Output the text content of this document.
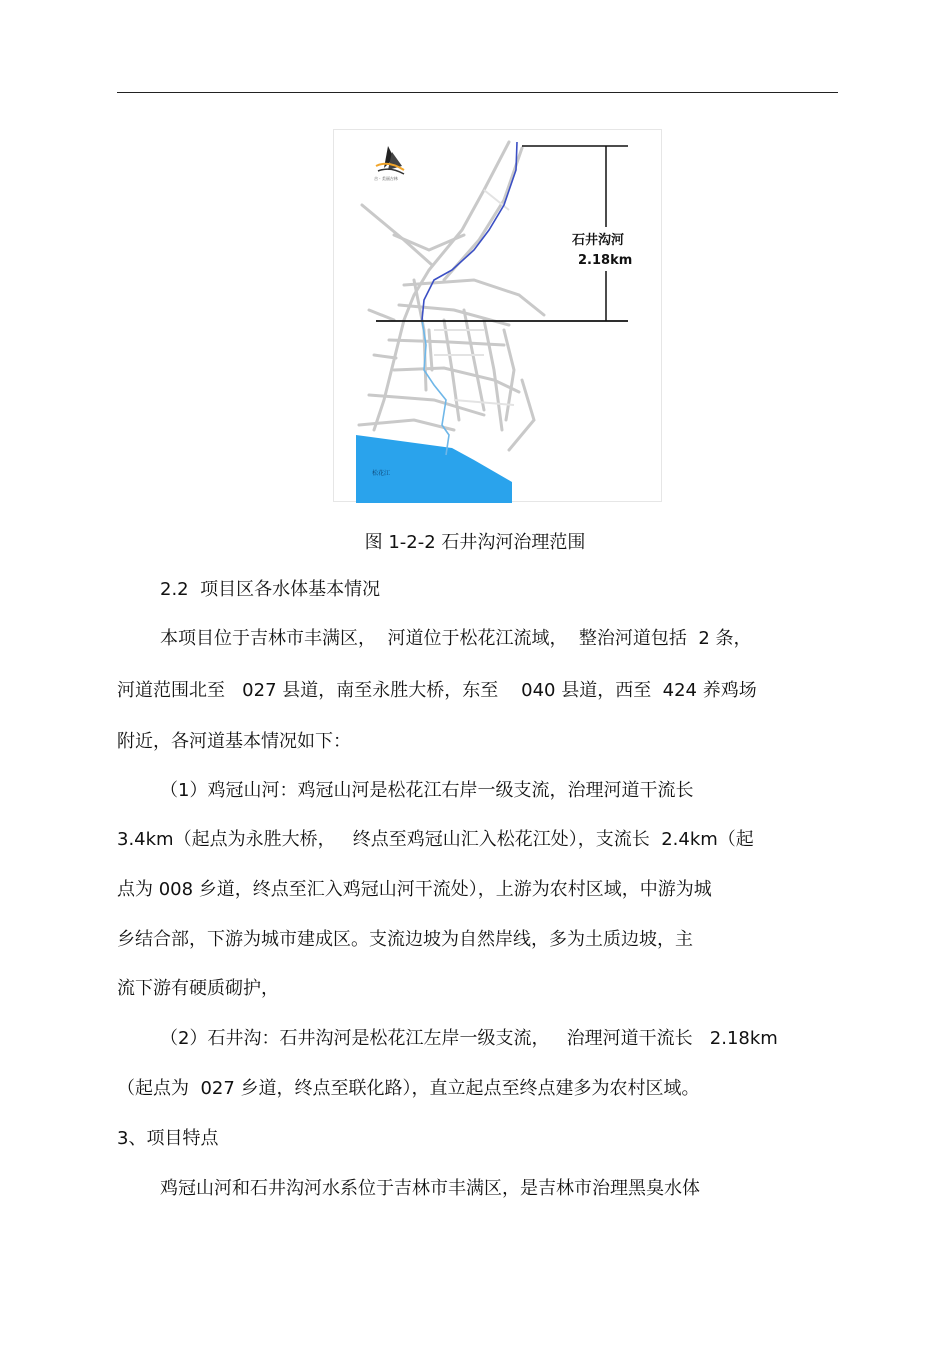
松花江
石井沟河
2.18km
吉 · 美丽吉林
图 1-2-2 石井沟河治理范围
2.2  项目区各水体基本情况
本项目位于吉林市丰满区，  河道位于松花江流域，  整治河道包括  2 条，
河道范围北至   027 县道，南至永胜大桥，东至    040 县道，西至  424 养鸡场
附近，各河道基本情况如下：
（1）鸡冠山河：鸡冠山河是松花江右岸一级支流，治理河道干流长
3.4km（起点为永胜大桥，   终点至鸡冠山汇入松花江处），支流长  2.4km（起
点为 008 乡道，终点至汇入鸡冠山河干流处），上游为农村区域，中游为城
乡结合部，下游为城市建成区。支流边坡为自然岸线，多为土质边坡，主
流下游有硬质砌护，
（2）石井沟：石井沟河是松花江左岸一级支流，   治理河道干流长   2.18km
（起点为  027 乡道，终点至联化路），直立起点至终点建多为农村区域。
3、项目特点
鸡冠山河和石井沟河水系位于吉林市丰满区，是吉林市治理黑臭水体
